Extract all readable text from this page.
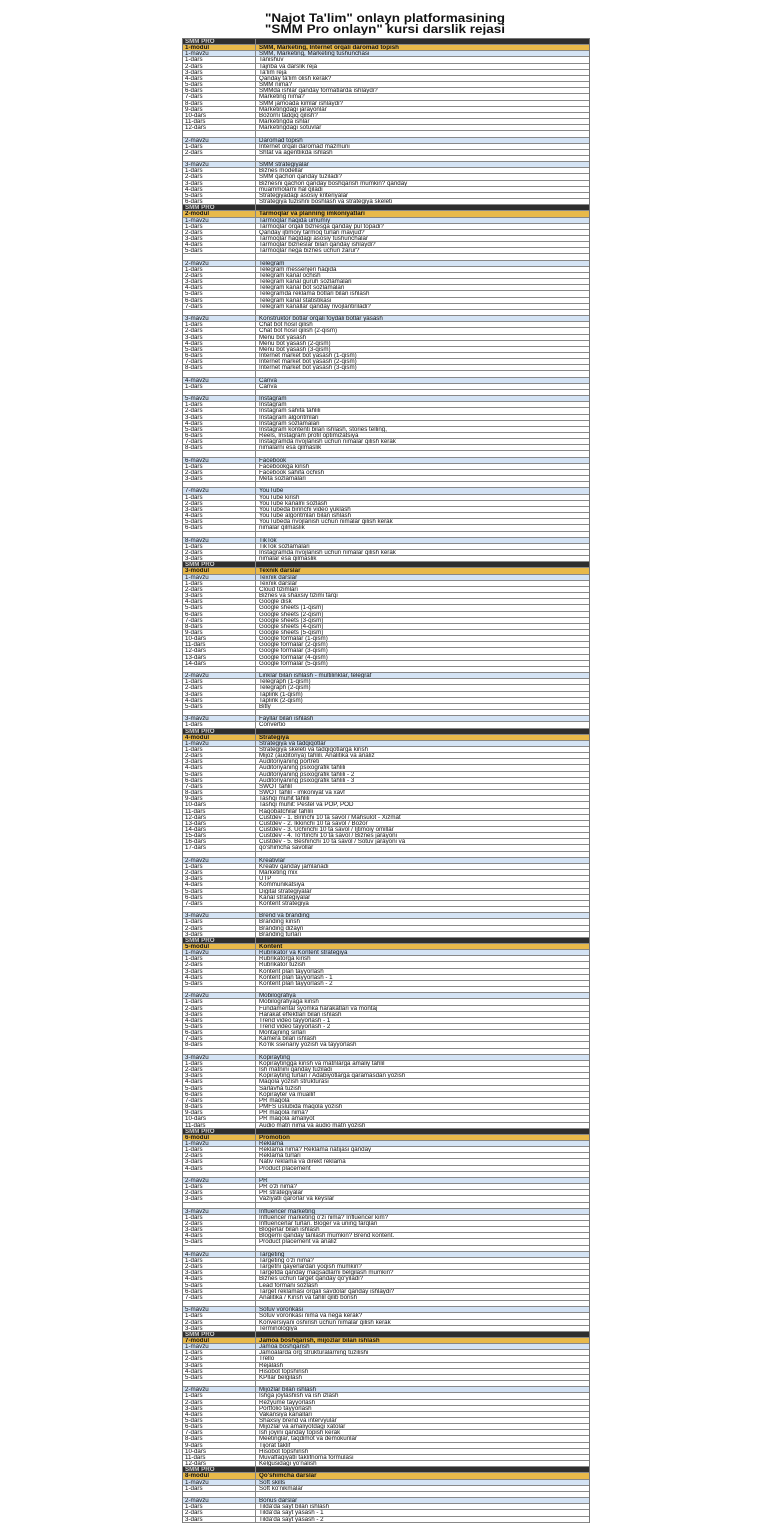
"Najot Ta'lim" onlayn platformasining
"SMM Pro onlayn" kursi darslik rejasi
SMM PRO
1-modul	SMM, Marketing, Internet orqali daromad topish
1-mavzu	SMM, Marketing, Marketing tushunchasi
1-dars	Tanishuv
2-dars	Tajriba va darslik reja
3-dars	Ta'lim reja
4-dars	Qanday ta'lim olish kerak?
5-dars	SMM nima?
6-dars	SMMda ishlar qanday formatlarda ishlaydi?
7-dars	Marketing nima?
8-dars	SMM jamoada kimlar ishlaydi?
9-dars	Marketingdagi jarayonlar
10-dars	Bozorni tadqiq qilish?
11-dars	Marketingda ishlar
12-dars	Marketingdagi sotuvlar
2-mavzu	Daromad topish
1-dars	Internet orqali daromad mazmuni
2-dars	Shtat va agentlikda ishlash
3-mavzu	SMM strategiyalar
1-dars	Biznes modellar
2-dars	SMM qachon qanday tuziladi?
3-dars	Biznesni qachon qanday boshqarish mumkin? qanday
4-dars	muammolarni hal qiladi
5-dars	Strategiyadagi asosiy kriteriyalar
6-dars	Strategiya tuzishni boshlash va strategiya skeleti
SMM PRO
2-modul	Tarmoqlar va planning imkoniyatlari
1-mavzu	Tarmoqlar haqida umumiy
1-dars	Tarmoqlar orqali biznesga qanday pul topadi?
2-dars	Qanday ijtimoiy tarmoq turlari mavjud?
3-dars	Tarmoqlar haqidagi asosiy tushunchalar
4-dars	Tarmoqlar bizneslar bilan qanday ishlaydi?
5-dars	Tarmoqlar nega biznes uchun zarur?
2-mavzu	Telegram
1-dars	Telegram messenjeri haqida
2-dars	Telegram kanal ochish
3-dars	Telegram kanal guruh sozlamalari
4-dars	Telegram kanal bot sozlamalari
5-dars	Telegramda reklama botlari bilan ishlash
6-dars	Telegram kanal statistikasi
7-dars	Telegram kanallar qanday rivojlantiriladi?
3-mavzu	Konstruktor botlar orqali foydali botlar yasash
1-dars	Chat bot hosil qilish
2-dars	Chat bot hosil qilish (2-qism)
3-dars	Menu bot yasash
4-dars	Menu bot yasash (2-qism)
5-dars	Menu bot yasash (3-qism)
6-dars	Internet market bot yasash (1-qism)
7-dars	Internet market bot yasash (2-qism)
8-dars	Internet market bot yasash (3-qism)
4-mavzu	Canva
1-dars	Canva
5-mavzu	Instagram
1-dars	Instagram
2-dars	Instagram sahifa tahlili
3-dars	Instagram algoritmlari
4-dars	Instagram sozlamalari
5-dars	Instagram kontenti bilan ishlash, stories telling,
6-dars	Reels, Instagram profil optimizatsiya
7-dars	Instagramda rivojlanish uchun nimalar qilish kerak
8-dars	nimalarni esa qilmaslik
6-mavzu	Facebook
1-dars	Facebookga kirish
2-dars	Facebook sahifa ochish
3-dars	Meta sozlamalari
7-mavzu	YouTube
1-dars	YouTube kirish
2-dars	YouTube kanalni sozlash
3-dars	YouTubeda birinchi video yuklash
4-dars	YouTube algoritmlari bilan ishlash
5-dars	YouTubeda rivojlanish uchun nimalar qilish kerak
6-dars	nimalar qilmaslik
8-mavzu	TikTok
1-dars	TikTok sozlamalari
2-dars	Instagramda rivojlanish uchun nimalar qilish kerak
3-dars	nimalar esa qilmaslik
SMM PRO
3-modul	Texnik darslar
1-mavzu	Texnik darslar
1-dars	Texnik darslar
2-dars	Cloud tizimlari
3-dars	Biznes va shaxsiy tizimi farqi
4-dars	Google disk
5-dars	Google sheets (1-qism)
6-dars	Google sheets (2-qism)
7-dars	Google sheets (3-qism)
8-dars	Google sheets (4-qism)
9-dars	Google sheets (5-qism)
10-dars	Google formalar (1-qism)
11-dars	Google formalar (2-qism)
12-dars	Google formalar (3-qism)
13-dars	Google formalar (4-qism)
14-dars	Google formalar (5-qism)
2-mavzu	Linklar bilan ishlash - multilinklar, telegraf
1-dars	Telegraph (1-qism)
2-dars	Telegraph (2-qism)
3-dars	Taplink (1-qism)
4-dars	Taplink (2-qism)
5-dars	Bitly
3-mavzu	Fayllar bilan ishlash
1-dars	Convertio
SMM PRO
4-modul	Strategiya
1-mavzu	Strategiya va tadqiqotlar
1-dars	Strategiya skeleti va tadqiqotlarga kirish
2-dars	Mijoz (auditoriya) tahlili. Analitika va analiz
3-dars	Auditoriyaning portreti
4-dars	Auditoriyaning psixografik tahlili
5-dars	Auditoriyaning psixografik tahlili - 2
6-dars	Auditoriyaning psixografik tahlili - 3
7-dars	SWOT tahlil
8-dars	SWOT tahlil - imkoniyat va xavf
9-dars	Tashqi muhit tahlili
10-dars	Tashqi muhit: Pestel va POP, POD
11-dars	Raqobatchilar tahlili
12-dars	Custdev - 1. Birinchi 10 ta savol / Mahsulot - Xizmat
13-dars	Custdev - 2. Ikkinchi 10 ta savol / Bozor
14-dars	Custdev - 3. Uchinchi 10 ta savol / Ijtimoiy omillar
15-dars	Custdev - 4. To'rtinchi 10 ta savol / Biznes jarayoni
16-dars	Custdev - 5. Beshinchi 10 ta savol / Sotuv jarayoni va
17-dars	qo'shimcha savollar
2-mavzu	Kreativlar
1-dars	Kreativ qanday jamlanadi
2-dars	Marketing mix
3-dars	UTP
4-dars	Kommunikatsiya
5-dars	Digital strategiyalar
6-dars	Kanal strategiyalar
7-dars	Kontent strategiya
3-mavzu	Brend va branding
1-dars	Branding kirish
2-dars	Branding dizayn
3-dars	Branding turlari
SMM PRO
5-modul	Kontent
1-mavzu	Rubrikator va Kontent strategiya
1-dars	Rubrikatorga kirish
2-dars	Rubrikator tuzish
3-dars	Kontent plan tayyorlash
4-dars	Kontent plan tayyorlash - 1
5-dars	Kontent plan tayyorlash - 2
2-mavzu	Mobilografiya
1-dars	Mobilografiyaga kirish
2-dars	Fundamental syomka harakatlari va montaj
3-dars	Harakat effektlari bilan ishlash
4-dars	Trend video tayyorlash - 1
5-dars	Trend video tayyorlash - 2
6-dars	Montajning sirlari
7-dars	Kamera bilan ishlash
8-dars	Ko'rik ssenariy yozish va tayyorlash
3-mavzu	Kopirayting
1-dars	Kopiraytingga kirish va matnlarga amaliy tahlil
2-dars	Ish matnini qanday tuziladi
3-dars	Kopirayting turlari / Adabiyotlarga qaramasdan yozish
4-dars	Maqola yozish strukturasi
5-dars	Sarlavha tuzish
6-dars	Kopirayter va muallif
7-dars	PR maqola
8-dars	PMFS uslubida maqola yozish
9-dars	PR maqola nima?
10-dars	PR maqola amaliyot
11-dars	Audio matn nima va audio matn yozish
SMM PRO
6-modul	Promotion
1-mavzu	Reklama
1-dars	Reklama nima? Reklama natijasi qanday
2-dars	Reklama turlari
3-dars	Nativ reklama va direkt reklama
4-dars	Product placement
2-mavzu	PR
1-dars	PR o'zi nima?
2-dars	PR strategiyalar
3-dars	Vaziyatli qarorlar va keyslar
3-mavzu	Influencer marketing
1-dars	Influencer marketing o'zi nima? Influencer kim?
2-dars	Influencerlar turlari. Bloger va uning farqlari
3-dars	Blogerlar bilan ishlash
4-dars	Blogerni qanday tanlash mumkin? Brend kontent.
5-dars	Product placement va analiz
4-mavzu	Targeting
1-dars	Targeting o'zi nima?
2-dars	Targetni qayerlardan yoqish mumkin?
3-dars	Targetda qanday maqsadlarni belgilash mumkin?
4-dars	Biznes uchun target qanday qo'yiladi?
5-dars	Lead formani sozlash
6-dars	Target reklamasi orqali savdolar qanday ishlaydi?
7-dars	Analitika / Kirish va tahlil qilib borish
5-mavzu	Sotuv voronkasi
1-dars	Sotuv voronkasi nima va nega kerak?
2-dars	Konversiyani oshirish uchun nimalar qilish kerak
3-dars	Terminologiya
SMM PRO
7-modul	Jamoa boshqarish, mijozlar bilan ishlash
1-mavzu	Jamoa boshqarish
1-dars	Jamoalarda org strukturalarning tuzilishi
2-dars	Trello
3-dars	Rejalash
4-dars	Hisobot topshirish
5-dars	KPIlar belgilash
2-mavzu	Mijozlar bilan ishlash
1-dars	Ishga joylashish va ish izlash
2-dars	Rezyume tayyorlash
3-dars	Portfolio tayyorlash
4-dars	Vakansiya kanallari
5-dars	Shaxsiy brend va intervyular
6-dars	Mijozlar va amaliyotdagi xatolar
7-dars	Ish joyini qanday topish kerak
8-dars	Meetinglar, taqdimot va demokunlar
9-dars	Tijorat taklif
10-dars	Hisobot topshirish
11-dars	Muvaffaqiyatli taklifnoma formulasi
12-dars	Kelgusidagi yo'nalish
SMM PRO
8-modul	Qo'shimcha darslar
1-mavzu	Soft skills
1-dars	Soft ko'nikmalar
2-mavzu	Bonus darslar
1-dars	Tilda'da sayt bilan ishlash
2-dars	Tilda'da sayt yasash - 1
3-dars	Tilda'da sayt yasash - 2
